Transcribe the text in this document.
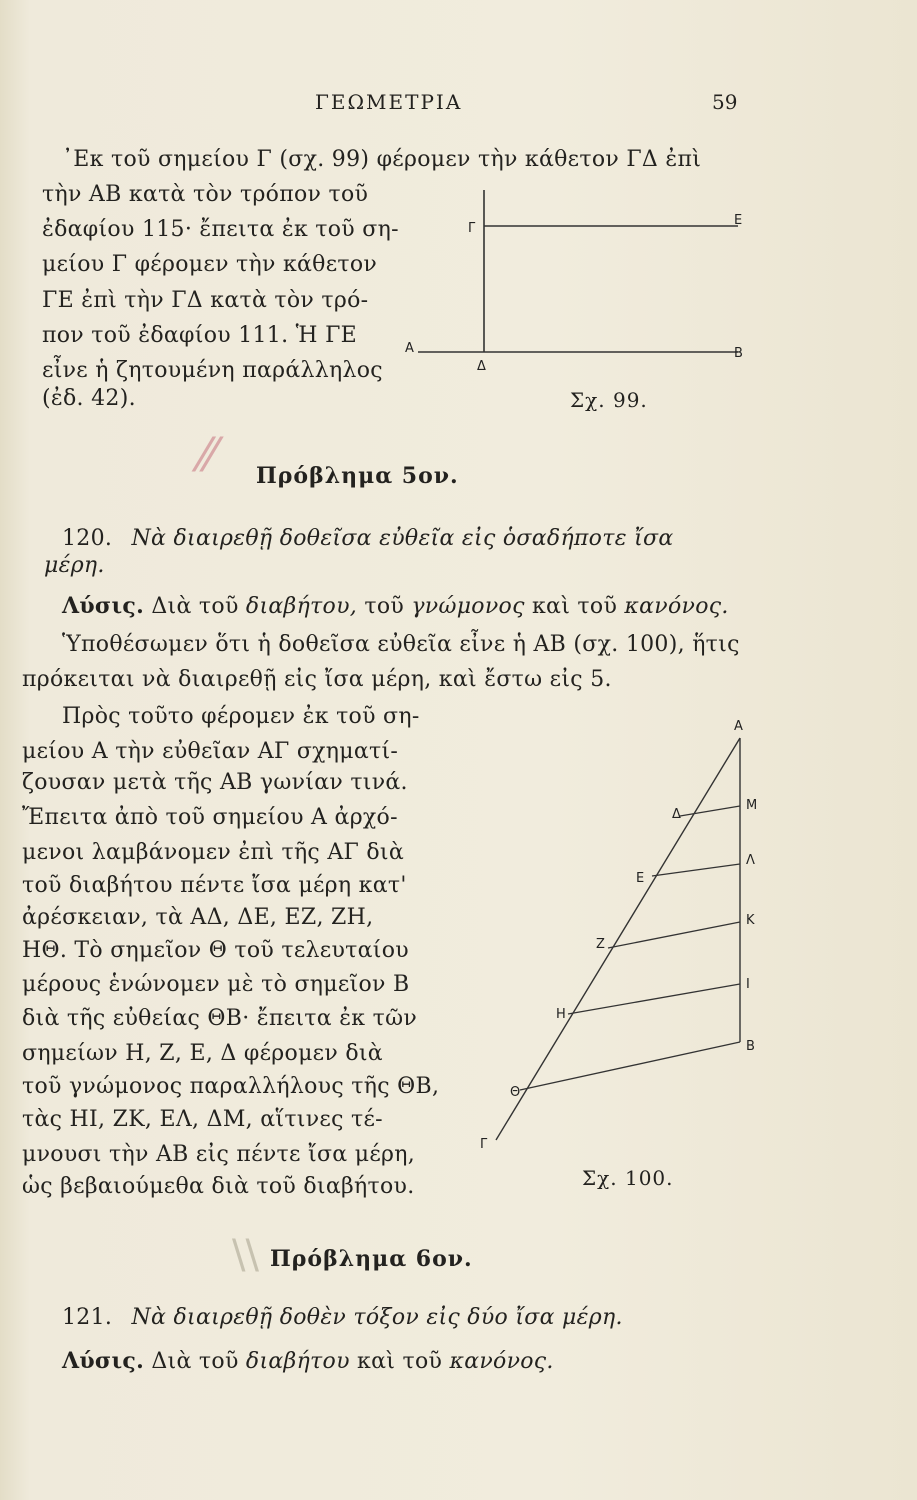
ΓΕΩΜΕΤΡΙΑ	59
᾿Εκ τοῦ σημείου Γ (σχ. 99) φέρομεν τὴν κάθετον ΓΔ ἐπὶ
τὴν ΑΒ κατὰ τὸν τρόπον τοῦ
ἐδαφίου 115· ἔπειτα ἐκ τοῦ ση-
μείου Γ φέρομεν τὴν κάθετον
ΓΕ ἐπὶ τὴν ΓΔ κατὰ τὸν τρό-
πον τοῦ ἐδαφίου 111. Ἡ ΓΕ
εἶνε ἡ ζητουμένη παράλληλος
(ἐδ. 42).
Γ
Ε
Α	Β
Δ
Σχ. 99.
⁄⁄ Πρόβλημα 5ον.
120. Νὰ διαιρεθῇ δοθεῖσα εὐθεῖα εἰς ὁσαδήποτε ἴσα
μέρη.
Λύσις. Διὰ τοῦ διαβήτου, τοῦ γνώμονος καὶ τοῦ κανόνος.
Ὑποθέσωμεν ὅτι ἡ δοθεῖσα εὐθεῖα εἶνε ἡ ΑΒ (σχ. 100), ἥτις
πρόκειται νὰ διαιρεθῇ εἰς ἴσα μέρη, καὶ ἔστω εἰς 5.
Πρὸς τοῦτο φέρομεν ἐκ τοῦ ση-
μείου Α τὴν εὐθεῖαν ΑΓ σχηματί-
ζουσαν μετὰ τῆς ΑΒ γωνίαν τινά.
Ἔπειτα ἀπὸ τοῦ σημείου Α ἀρχό-
μενοι λαμβάνομεν ἐπὶ τῆς ΑΓ διὰ
τοῦ διαβήτου πέντε ἴσα μέρη κατ'
ἀρέσκειαν, τὰ ΑΔ, ΔΕ, ΕΖ, ΖΗ,
ΗΘ. Τὸ σημεῖον Θ τοῦ τελευταίου
μέρους ἑνώνομεν μὲ τὸ σημεῖον Β
διὰ τῆς εὐθείας ΘΒ· ἔπειτα ἐκ τῶν
σημείων Η, Ζ, Ε, Δ φέρομεν διὰ
τοῦ γνώμονος παραλλήλους τῆς ΘΒ,
τὰς ΗΙ, ΖΚ, ΕΛ, ΔΜ, αἵτινες τέ-
μνουσι τὴν ΑΒ εἰς πέντε ἴσα μέρη,
ὡς βεβαιούμεθα διὰ τοῦ διαβήτου.
Α
Δ
Μ
Ε
Λ
Ζ
Κ
Η
Ι
Θ
Β
Γ
Σχ. 100.
\\ Πρόβλημα 6ον.
121. Νὰ διαιρεθῇ δοθὲν τόξον εἰς δύο ἴσα μέρη.
Λύσις. Διὰ τοῦ διαβήτου καὶ τοῦ κανόνος.
